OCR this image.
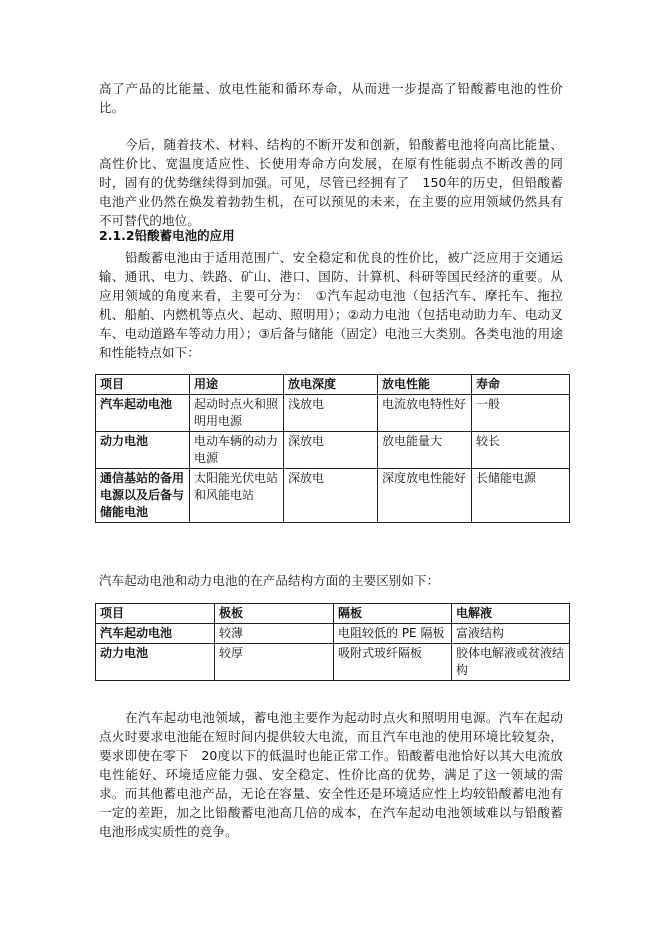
高了产品的比能量、放电性能和循环寿命，从而进一步提高了铅酸蓄电池的性价比。

今后，随着技术、材料、结构的不断开发和创新，铅酸蓄电池将向高比能量、高性价比、宽温度适应性、长使用寿命方向发展，在原有性能弱点不断改善的同时，固有的优势继续得到加强。可见，尽管已经拥有了　150年的历史，但铅酸蓄电池产业仍然在焕发着勃勃生机，在可以预见的未来，在主要的应用领域仍然具有不可替代的地位。

2.1.2铅酸蓄电池的应用

铅酸蓄电池由于适用范围广、安全稳定和优良的性价比，被广泛应用于交通运输、通讯、电力、铁路、矿山、港口、国防、计算机、科研等国民经济的重要。从应用领域的角度来看，主要可分为：　①汽车起动电池（包括汽车、摩托车、拖拉机、船舶、内燃机等点火、起动、照明用）；②动力电池（包括电动助力车、电动叉车、电动道路车等动力用）；③后备与储能（固定）电池三大类别。各类电池的用途和性能特点如下：

项目	用途	放电深度	放电性能	寿命
汽车起动电池	起动时点火和照明用电源	浅放电	电流放电特性好	一般
动力电池	电动车辆的动力电源	深放电	放电能量大	较长
通信基站的备用电源以及后备与储能电池	太阳能光伏电站和风能电站	深放电	深度放电性能好	长储能电源

汽车起动电池和动力电池的在产品结构方面的主要区别如下：

项目	极板	隔板	电解液
汽车起动电池	较薄	电阻较低的 PE 隔板	富液结构
动力电池	较厚	吸附式玻纤隔板	胶体电解液或贫液结构

在汽车起动电池领域，蓄电池主要作为起动时点火和照明用电源。汽车在起动点火时要求电池能在短时间内提供较大电流，而且汽车电池的使用环境比较复杂，要求即使在零下　20度以下的低温时也能正常工作。铅酸蓄电池恰好以其大电流放电性能好、环境适应能力强、安全稳定、性价比高的优势，满足了这一领域的需求。而其他蓄电池产品，无论在容量、安全性还是环境适应性上均较铅酸蓄电池有一定的差距，加之比铅酸蓄电池高几倍的成本，在汽车起动电池领域难以与铅酸蓄电池形成实质性的竞争。
